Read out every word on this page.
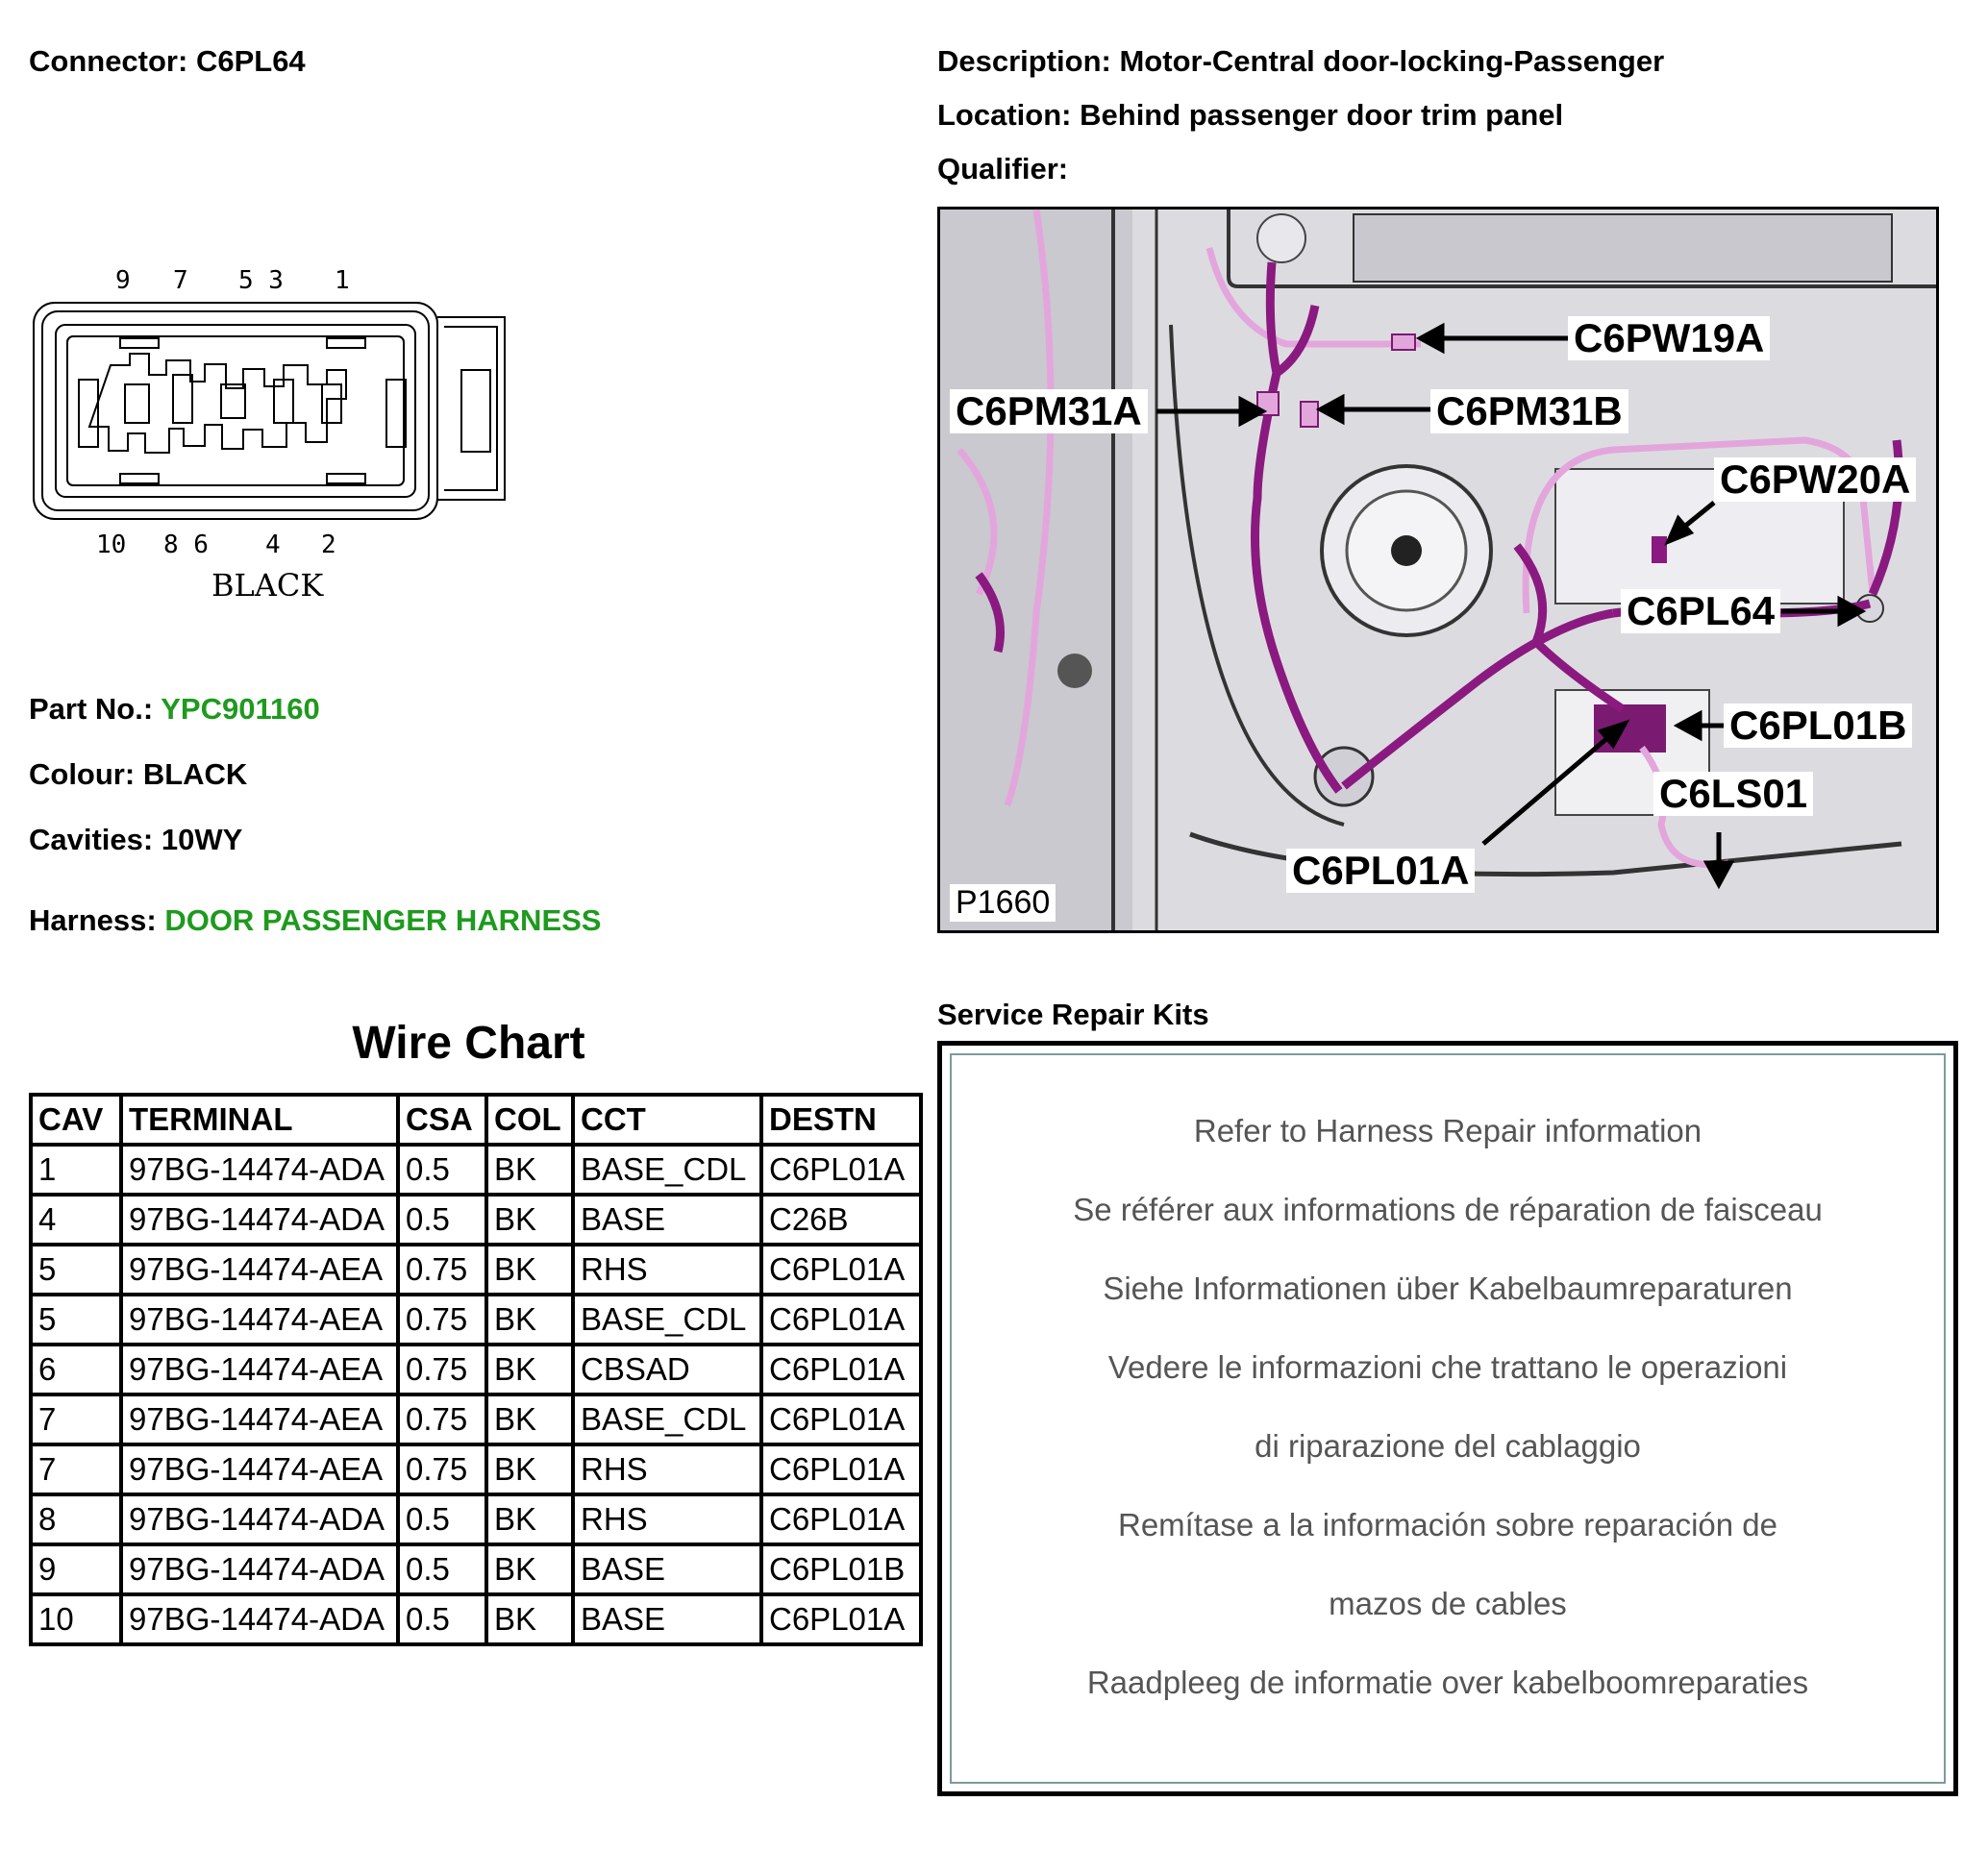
Connector: C6PL64	Description: Motor-Central door-locking-Passenger
Location: Behind passenger door trim panel
Qualifier:
9 7 5 3 1
10 8 6 4 2
BLACK
Part No.: YPC901160
Colour: BLACK
Cavities: 10WY
Harness: DOOR PASSENGER HARNESS
C6PW19A
C6PM31A	C6PM31B
C6PW20A
C6PL64
C6PL01B
C6LS01
C6PL01A
P1660
Wire Chart
CAV	TERMINAL	CSA	COL	CCT	DESTN
1	97BG-14474-ADA	0.5	BK	BASE_CDL	C6PL01A
4	97BG-14474-ADA	0.5	BK	BASE	C26B
5	97BG-14474-AEA	0.75	BK	RHS	C6PL01A
5	97BG-14474-AEA	0.75	BK	BASE_CDL	C6PL01A
6	97BG-14474-AEA	0.75	BK	CBSAD	C6PL01A
7	97BG-14474-AEA	0.75	BK	BASE_CDL	C6PL01A
7	97BG-14474-AEA	0.75	BK	RHS	C6PL01A
8	97BG-14474-ADA	0.5	BK	RHS	C6PL01A
9	97BG-14474-ADA	0.5	BK	BASE	C6PL01B
10	97BG-14474-ADA	0.5	BK	BASE	C6PL01A
Service Repair Kits
Refer to Harness Repair information
Se référer aux informations de réparation de faisceau
Siehe Informationen über Kabelbaumreparaturen
Vedere le informazioni che trattano le operazioni
di riparazione del cablaggio
Remítase a la información sobre reparación de
mazos de cables
Raadpleeg de informatie over kabelboomreparaties
